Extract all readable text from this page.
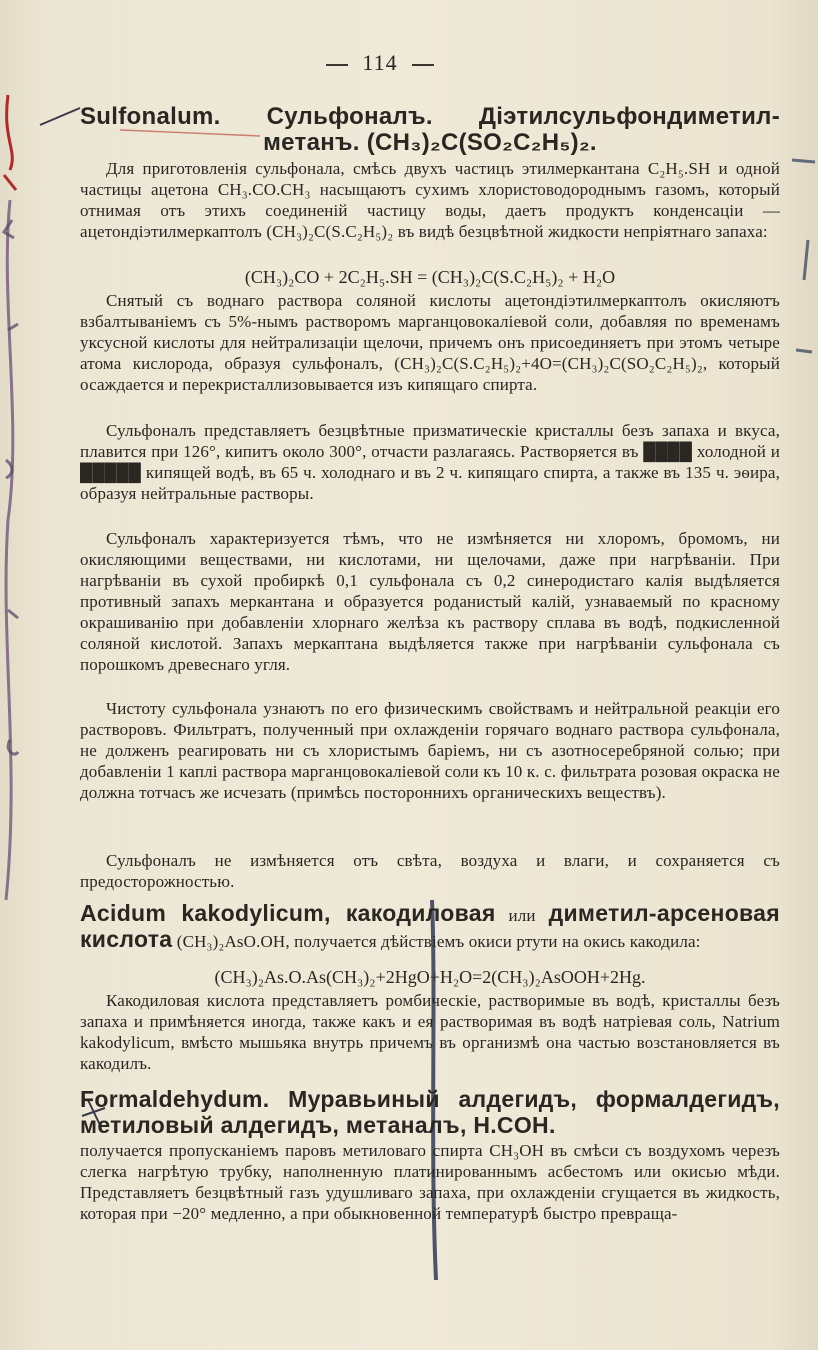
114
Sulfonalum. Сульфоналъ. Діэтилсульфондиметил-метанъ. (CH₃)₂C(SO₂C₂H₅)₂.

Для приготовленія сульфонала, смѣсь двухъ частицъ этилмеркантана C₂H₅.SH и одной частицы ацетона CH₃.CO.CH₃ насыщаютъ сухимъ хлористоводороднымъ газомъ, который отнимая отъ этихъ соединеній частицу воды, даетъ продуктъ конденсаціи — ацетондіэтилмеркаптолъ (CH₃)₂C(S.C₂H₅)₂ въ видѣ безцвѣтной жидкости непріятнаго запаха:

(CH₃)₂CO + 2C₂H₅.SH = (CH₃)₂C(S.C₂H₅)₂ + H₂O

Снятый съ воднаго раствора соляной кислоты ацетондіэтилмеркаптолъ окисляютъ взбалтываніемъ съ 5%-нымъ растворомъ марганцовокаліевой соли, добавляя по временамъ уксусной кислоты для нейтрализаціи щелочи, причемъ онъ присоединяетъ при этомъ четыре атома кислорода, образуя сульфоналъ, (CH₃)₂C(S.C₂H₅)₂+4O=(CH₃)₂C(SO₂C₂H₅)₂, который осаждается и перекристаллизовывается изъ кипящаго спирта.

Сульфоналъ представляетъ безцвѣтные призматическіе кристаллы безъ запаха и вкуса, плавится при 126°, кипитъ около 300°, отчасти разлагаясь. Растворяется въ ████ холодной и █████ кипящей водѣ, въ 65 ч. холоднаго и въ 2 ч. кипящаго спирта, а также въ 135 ч. эѳира, образуя нейтральные растворы.

Сульфоналъ характеризуется тѣмъ, что не измѣняется ни хлоромъ, бромомъ, ни окисляющими веществами, ни кислотами, ни щелочами, даже при нагрѣваніи. При нагрѣваніи въ сухой пробиркѣ 0,1 сульфонала съ 0,2 синеродистаго калія выдѣляется противный запахъ меркантана и образуется роданистый калій, узнаваемый по красному окрашиванію при добавленіи хлорнаго желѣза къ раствору сплава въ водѣ, подкисленной соляной кислотой. Запахъ меркаптана выдѣляется также при нагрѣваніи сульфонала съ порошкомъ древеснаго угля.

Чистоту сульфонала узнаютъ по его физическимъ свойствамъ и нейтральной реакціи его растворовъ. Фильтратъ, полученный при охлажденіи горячаго воднаго раствора сульфонала, не долженъ реагировать ни съ хлористымъ баріемъ, ни съ азотносеребряной солью; при добавленіи 1 каплі раствора марганцовокаліевой соли къ 10 к. с. фильтрата розовая окраска не должна тотчасъ же исчезать (примѣсь постороннихъ органическихъ веществъ).

Сульфоналъ не измѣняется отъ свѣта, воздуха и влаги, и сохраняется съ предосторожностью.

Acidum kakodylicum, какодиловая или диметил-арсеновая кислота (CH₃)₂AsO.OH, получается дѣйствіемъ окиси ртути на окись какодила:

(CH₃)₂As.O.As(CH₃)₂+2HgO+H₂O=2(CH₃)₂AsOOH+2Hg.

Какодиловая кислота представляетъ ромбическіе, растворимые въ водѣ, кристаллы безъ запаха и примѣняется иногда, также какъ и ея растворимая въ водѣ натріевая соль, Natrium kakodylicum, вмѣсто мышьяка внутрь причемъ въ организмѣ она частью возстановляется въ какодилъ.

Formaldehydum. Муравьиный алдегидъ, формалдегидъ, метиловый алдегидъ, метаналъ, H.COH.

получается пропусканіемъ паровъ метиловаго спирта CH₃OH въ смѣси съ воздухомъ черезъ слегка нагрѣтую трубку, наполненную платинированнымъ асбестомъ или окисью мѣди. Представляетъ безцвѣтный газъ удушливаго запаха, при охлажденіи сгущается въ жидкость, которая при −20° медленно, а при обыкновенной температурѣ быстро превраща-
